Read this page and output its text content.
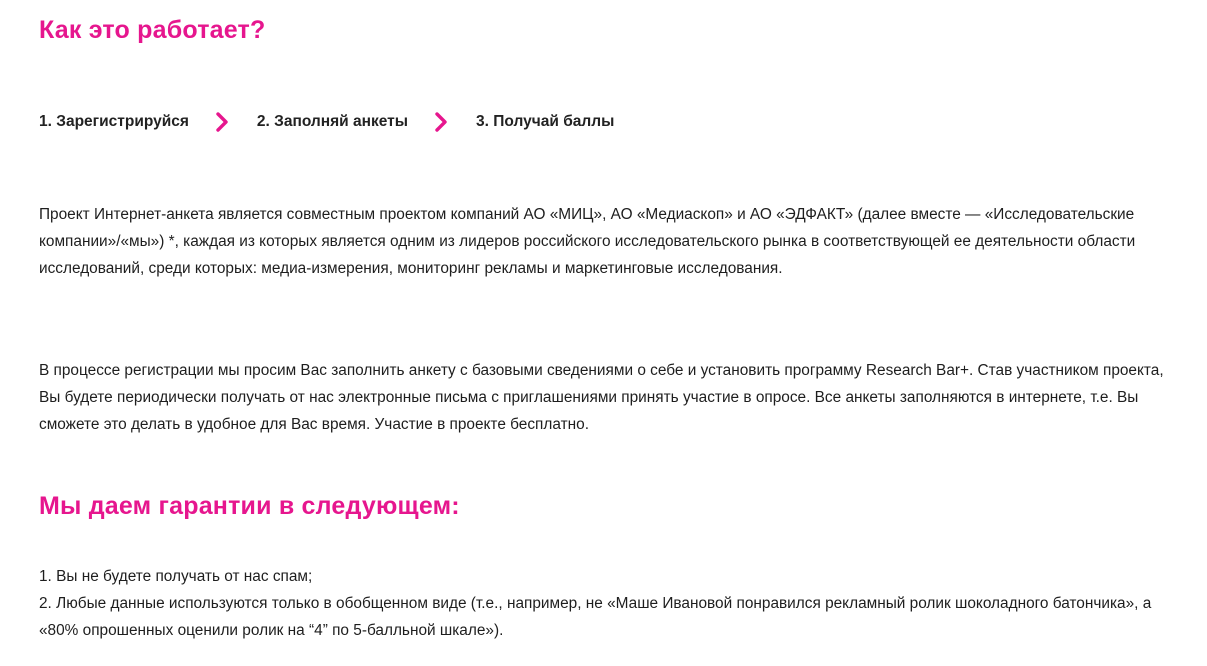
Как это работает?
1. Зарегистрируйся	2. Заполняй анкеты	3. Получай баллы

Проект Интернет-анкета является совместным проектом компаний АО «МИЦ», АО «Медиаскоп» и АО «ЭДФАКТ» (далее вместе — «Исследовательские компании»/«мы») *, каждая из которых является одним из лидеров российского исследовательского рынка в соответствующей ее деятельности области исследований, среди которых: медиа-измерения, мониторинг рекламы и маркетинговые исследования.

В процессе регистрации мы просим Вас заполнить анкету с базовыми сведениями о себе и установить программу Research Bar+. Став участником проекта, Вы будете периодически получать от нас электронные письма с приглашениями принять участие в опросе. Все анкеты заполняются в интернете, т.е. Вы сможете это делать в удобное для Вас время. Участие в проекте бесплатно.

Мы даем гарантии в следующем:
1. Вы не будете получать от нас спам;
2. Любые данные используются только в обобщенном виде (т.е., например, не «Маше Ивановой понравился рекламный ролик шоколадного батончика», а «80% опрошенных оценили ролик на “4” по 5-балльной шкале»).
